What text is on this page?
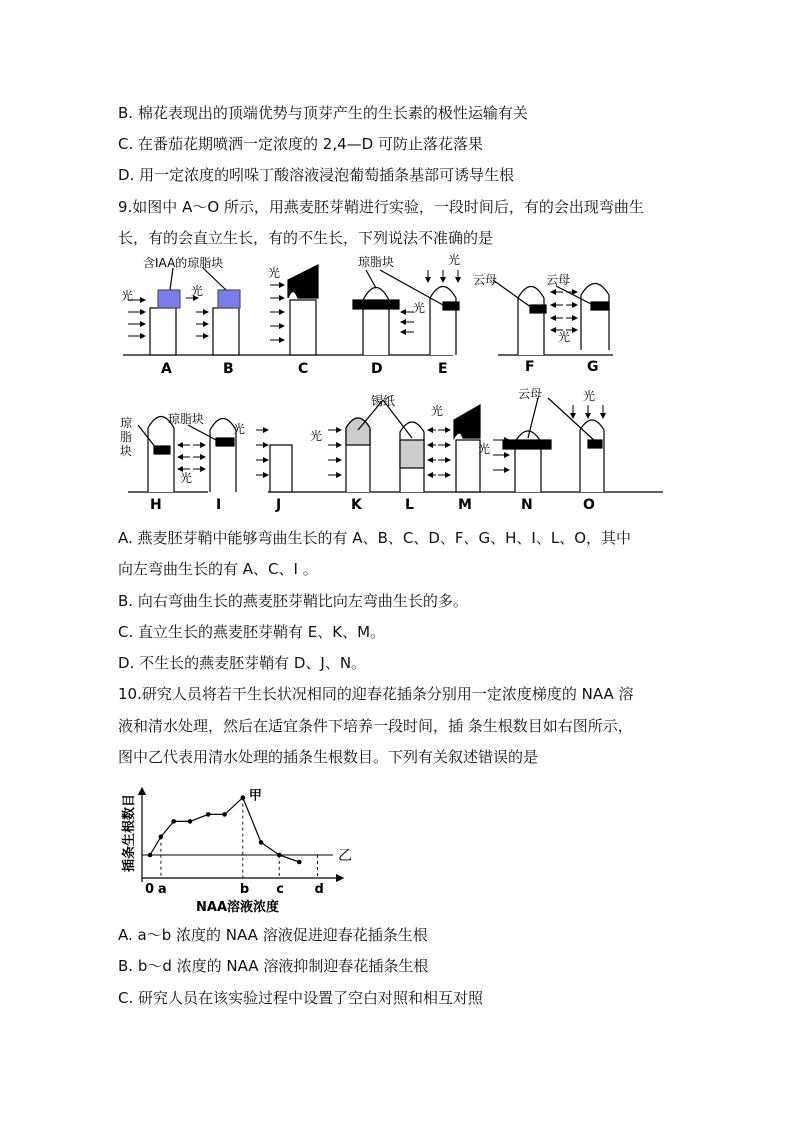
B. 棉花表现出的顶端优势与顶芽产生的生长素的极性运输有关
C. 在番茄花期喷洒一定浓度的 2,4—D 可防止落花落果
D. 用一定浓度的吲哚丁酸溶液浸泡葡萄插条基部可诱导生根
9.如图中 A～O 所示，用燕麦胚芽鞘进行实验，一段时间后，有的会出现弯曲生
长，有的会直立生长，有的不生长，下列说法不准确的是
含IAA的琼脂块
光	光
光
琼脂块
光
光
云母	云母
光
A	B	C	D	E	F	G
琼
脂
块
琼脂块
光
光
光
锡纸
光
光
云母	光
H	I	J	K	L	M	N	O
A. 燕麦胚芽鞘中能够弯曲生长的有 A、B、C、D、F、G、H、I、L、O，其中
向左弯曲生长的有 A、C、I 。
B. 向右弯曲生长的燕麦胚芽鞘比向左弯曲生长的多。
C. 直立生长的燕麦胚芽鞘有 E、K、M。
D. 不生长的燕麦胚芽鞘有 D、J、N。
10.研究人员将若干生长状况相同的迎春花插条分别用一定浓度梯度的 NAA 溶
液和清水处理，然后在适宜条件下培养一段时间，插 条生根数目如右图所示，
图中乙代表用清水处理的插条生根数目。下列有关叙述错误的是
0 a	b c d
插条生根数目
NAA溶液浓度
甲
乙
A. a～b 浓度的 NAA 溶液促进迎春花插条生根
B. b～d 浓度的 NAA 溶液抑制迎春花插条生根
C. 研究人员在该实验过程中设置了空白对照和相互对照
